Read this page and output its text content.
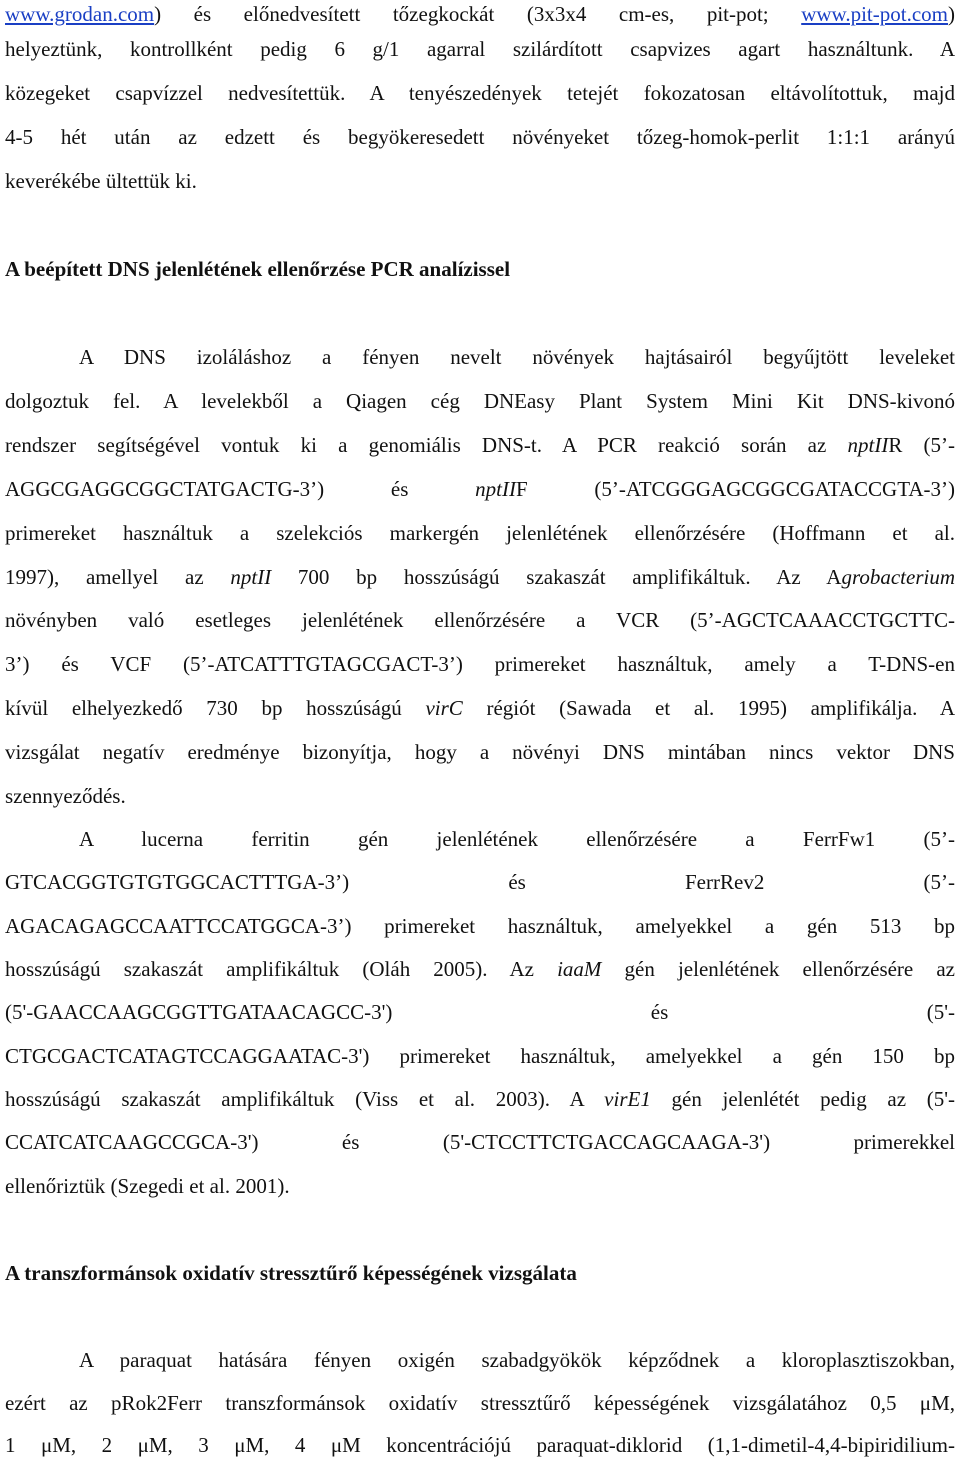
www.grodan.com) és előnedvesített tőzegkockát (3x3x4 cm-es, pit-pot; www.pit-pot.com)
helyeztünk, kontrollként pedig 6 g/1 agarral szilárdított csapvizes agart használtunk. A
közegeket csapvízzel nedvesítettük. A tenyészedények tetejét fokozatosan eltávolítottuk, majd
4-5 hét után az edzett és begyökeresedett növényeket tőzeg-homok-perlit 1:1:1 arányú
keverékébe ültettük ki.
A beépített DNS jelenlétének ellenőrzése PCR analízissel
A DNS izoláláshoz a fényen nevelt növények hajtásairól begyűjtött leveleket
dolgoztuk fel. A levelekből a Qiagen cég DNEasy Plant System Mini Kit DNS-kivonó
rendszer segítségével vontuk ki a genomiális DNS-t. A PCR reakció során az nptIIR (5’-
AGGCGAGGCGGCTATGACTG-3’) és nptIIF (5’-ATCGGGAGCGGCGATACCGTA-3’)
primereket használtuk a szelekciós markergén jelenlétének ellenőrzésére (Hoffmann et al.
1997), amellyel az nptII 700 bp hosszúságú szakaszát amplifikáltuk. Az Agrobacterium
növényben való esetleges jelenlétének ellenőrzésére a VCR (5’-AGCTCAAACCTGCTTC-
3’) és VCF (5’-ATCATTTGTAGCGACT-3’) primereket használtuk, amely a T-DNS-en
kívül elhelyezkedő 730 bp hosszúságú virC régiót (Sawada et al. 1995) amplifikálja. A
vizsgálat negatív eredménye bizonyítja, hogy a növényi DNS mintában nincs vektor DNS
szennyeződés.
A lucerna ferritin gén jelenlétének ellenőrzésére a FerrFw1 (5’-
GTCACGGTGTGTGGCACTTTGA-3’) és FerrRev2 (5’-
AGACAGAGCCAATTCCATGGCA-3’) primereket használtuk, amelyekkel a gén 513 bp
hosszúságú szakaszát amplifikáltuk (Oláh 2005). Az iaaM gén jelenlétének ellenőrzésére az
(5'-GAACCAAGCGGTTGATAACAGCC-3') és (5'-
CTGCGACTCATAGTCCAGGAATAC-3') primereket használtuk, amelyekkel a gén 150 bp
hosszúságú szakaszát amplifikáltuk (Viss et al. 2003). A virE1 gén jelenlétét pedig az (5'-
CCATCATCAAGCCGCA-3') és (5'-CTCCTTCTGACCAGCAAGA-3') primerekkel
ellenőriztük (Szegedi et al. 2001).
A transzformánsok oxidatív stressztűrő képességének vizsgálata
A paraquat hatására fényen oxigén szabadgyökök képződnek a kloroplasztiszokban,
ezért az pRok2Ferr transzformánsok oxidatív stressztűrő képességének vizsgálatához 0,5 μM,
1 μM, 2 μM, 3 μM, 4 μM koncentrációjú paraquat-diklorid (1,1-dimetil-4,4-bipiridilium-
